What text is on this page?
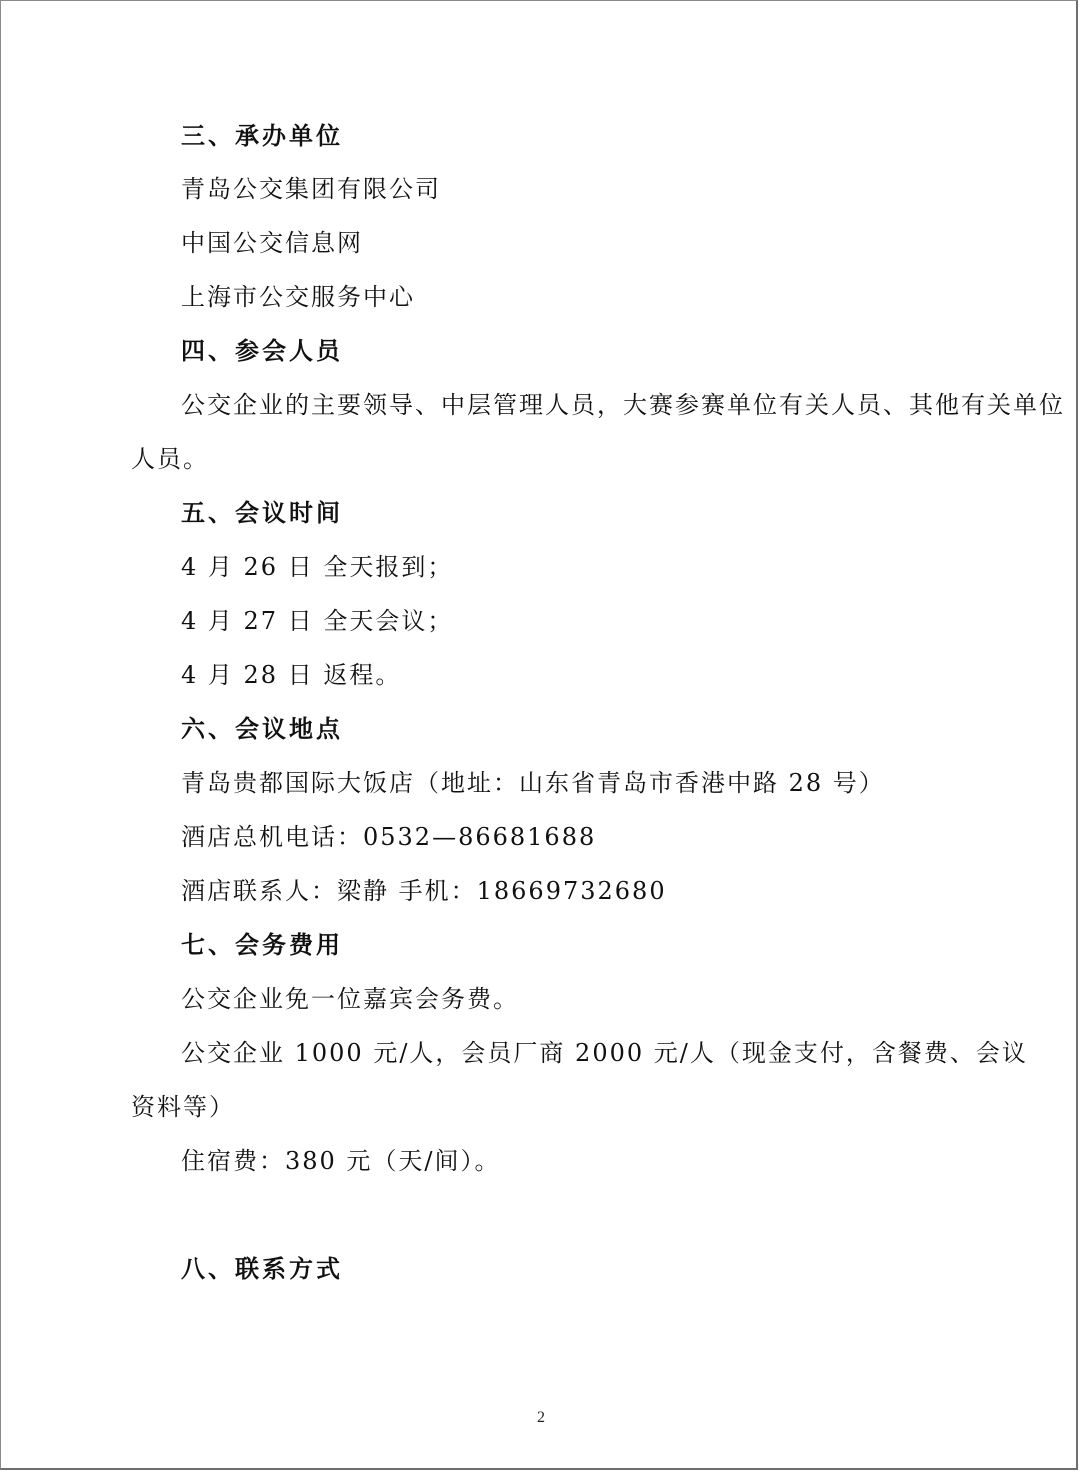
三、承办单位
青岛公交集团有限公司
中国公交信息网
上海市公交服务中心
四、参会人员
公交企业的主要领导、中层管理人员，大赛参赛单位有关人员、其他有关单位
人员。
五、会议时间
4 月 26 日 全天报到；
4 月 27 日 全天会议；
4 月 28 日 返程。
六、会议地点
青岛贵都国际大饭店（地址：山东省青岛市香港中路 28 号）
酒店总机电话：0532—86681688
酒店联系人：梁静 手机：18669732680
七、会务费用
公交企业免一位嘉宾会务费。
公交企业 1000 元/人，会员厂商 2000 元/人（现金支付，含餐费、会议
资料等）
住宿费：380 元（天/间）。
八、联系方式
2
